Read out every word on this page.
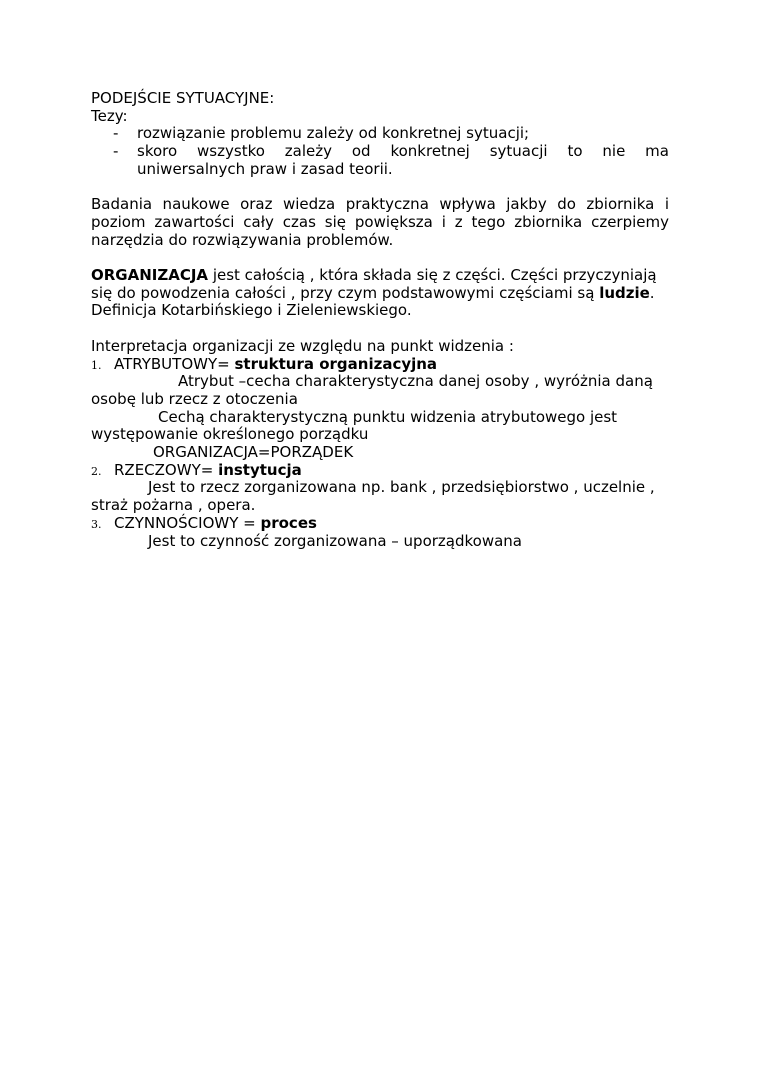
PODEJŚCIE SYTUACYJNE:
Tezy:
- rozwiązanie problemu zależy od konkretnej sytuacji;
- skoro wszystko zależy od konkretnej sytuacji to nie ma
uniwersalnych praw i zasad teorii.
Badania naukowe oraz wiedza praktyczna wpływa jakby do zbiornika i
poziom zawartości cały czas się powiększa i z tego zbiornika czerpiemy
narzędzia do rozwiązywania problemów.
ORGANIZACJA jest całością , która składa się z części. Części przyczyniają
się do powodzenia całości , przy czym podstawowymi częściami są ludzie.
Definicja Kotarbińskiego i Zieleniewskiego.
Interpretacja organizacji ze względu na punkt widzenia :
1. ATRYBUTOWY= struktura organizacyjna
Atrybut –cecha charakterystyczna danej osoby , wyróżnia daną
osobę lub rzecz z otoczenia
Cechą charakterystyczną punktu widzenia atrybutowego jest
występowanie określonego porządku
ORGANIZACJA=PORZĄDEK
2. RZECZOWY= instytucja
Jest to rzecz zorganizowana np. bank , przedsiębiorstwo , uczelnie ,
straż pożarna , opera.
3. CZYNNOŚCIOWY = proces
Jest to czynność zorganizowana – uporządkowana
